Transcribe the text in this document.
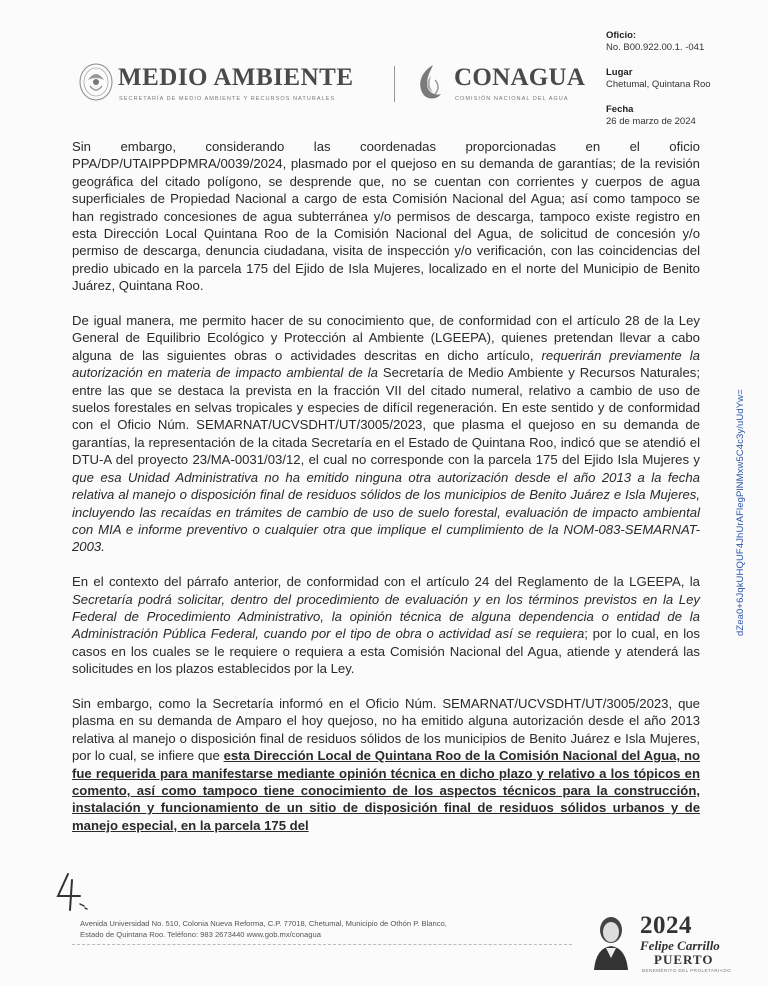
MEDIO AMBIENTE
SECRETARÍA DE MEDIO AMBIENTE Y RECURSOS NATURALES
CONAGUA
COMISIÓN NACIONAL DEL AGUA
Oficio:
No. B00.922.00.1. -041
Lugar
Chetumal, Quintana Roo
Fecha
26 de marzo de 2024

Sin embargo, considerando las coordenadas proporcionadas en el oficio PPA/DP/UTAIPPDPMRA/0039/2024, plasmado por el quejoso en su demanda de garantías; de la revisión geográfica del citado polígono, se desprende que, no se cuentan con corrientes y cuerpos de agua superficiales de Propiedad Nacional a cargo de esta Comisión Nacional del Agua; así como tampoco se han registrado concesiones de agua subterránea y/o permisos de descarga, tampoco existe registro en esta Dirección Local Quintana Roo de la Comisión Nacional del Agua, de solicitud de concesión y/o permiso de descarga, denuncia ciudadana, visita de inspección y/o verificación, con las coincidencias del predio ubicado en la parcela 175 del Ejido de Isla Mujeres, localizado en el norte del Municipio de Benito Juárez, Quintana Roo.

De igual manera, me permito hacer de su conocimiento que, de conformidad con el artículo 28 de la Ley General de Equilibrio Ecológico y Protección al Ambiente (LGEEPA), quienes pretendan llevar a cabo alguna de las siguientes obras o actividades descritas en dicho artículo, requerirán previamente la autorización en materia de impacto ambiental de la Secretaría de Medio Ambiente y Recursos Naturales; entre las que se destaca la prevista en la fracción VII del citado numeral, relativo a cambio de uso de suelos forestales en selvas tropicales y especies de difícil regeneración. En este sentido y de conformidad con el Oficio Núm. SEMARNAT/UCVSDHT/UT/3005/2023, que plasma el quejoso en su demanda de garantías, la representación de la citada Secretaría en el Estado de Quintana Roo, indicó que se atendió el DTU-A del proyecto 23/MA-0031/03/12, el cual no corresponde con la parcela 175 del Ejido Isla Mujeres y que esa Unidad Administrativa no ha emitido ninguna otra autorización desde el año 2013 a la fecha relativa al manejo o disposición final de residuos sólidos de los municipios de Benito Juárez e Isla Mujeres, incluyendo las recaídas en trámites de cambio de uso de suelo forestal, evaluación de impacto ambiental con MIA e informe preventivo o cualquier otra que implique el cumplimiento de la NOM-083-SEMARNAT-2003.

En el contexto del párrafo anterior, de conformidad con el artículo 24 del Reglamento de la LGEEPA, la Secretaría podrá solicitar, dentro del procedimiento de evaluación y en los términos previstos en la Ley Federal de Procedimiento Administrativo, la opinión técnica de alguna dependencia o entidad de la Administración Pública Federal, cuando por el tipo de obra o actividad así se requiera; por lo cual, en los casos en los cuales se le requiere o requiera a esta Comisión Nacional del Agua, atiende y atenderá las solicitudes en los plazos establecidos por la Ley.

Sin embargo, como la Secretaría informó en el Oficio Núm. SEMARNAT/UCVSDHT/UT/3005/2023, que plasma en su demanda de Amparo el hoy quejoso, no ha emitido alguna autorización desde el año 2013 relativa al manejo o disposición final de residuos sólidos de los municipios de Benito Juárez e Isla Mujeres, por lo cual, se infiere que esta Dirección Local de Quintana Roo de la Comisión Nacional del Agua, no fue requerida para manifestarse mediante opinión técnica en dicho plazo y relativo a los tópicos en comento, así como tampoco tiene conocimiento de los aspectos técnicos para la construcción, instalación y funcionamiento de un sitio de disposición final de residuos sólidos urbanos y de manejo especial, en la parcela 175 del

dZea0+6JqkUHQUF4JhUrAFlegPlNMxw5C4c3y/uUdYw=
Avenida Universidad No. 510, Colonia Nueva Reforma, C.P. 77018, Chetumal, Municipio de Othón P. Blanco,
Estado de Quintana Roo. Teléfono: 983 2673440 www.gob.mx/conagua	2024
Felipe Carrillo
PUERTO
BENEMÉRITO DEL PROLETARIADO
